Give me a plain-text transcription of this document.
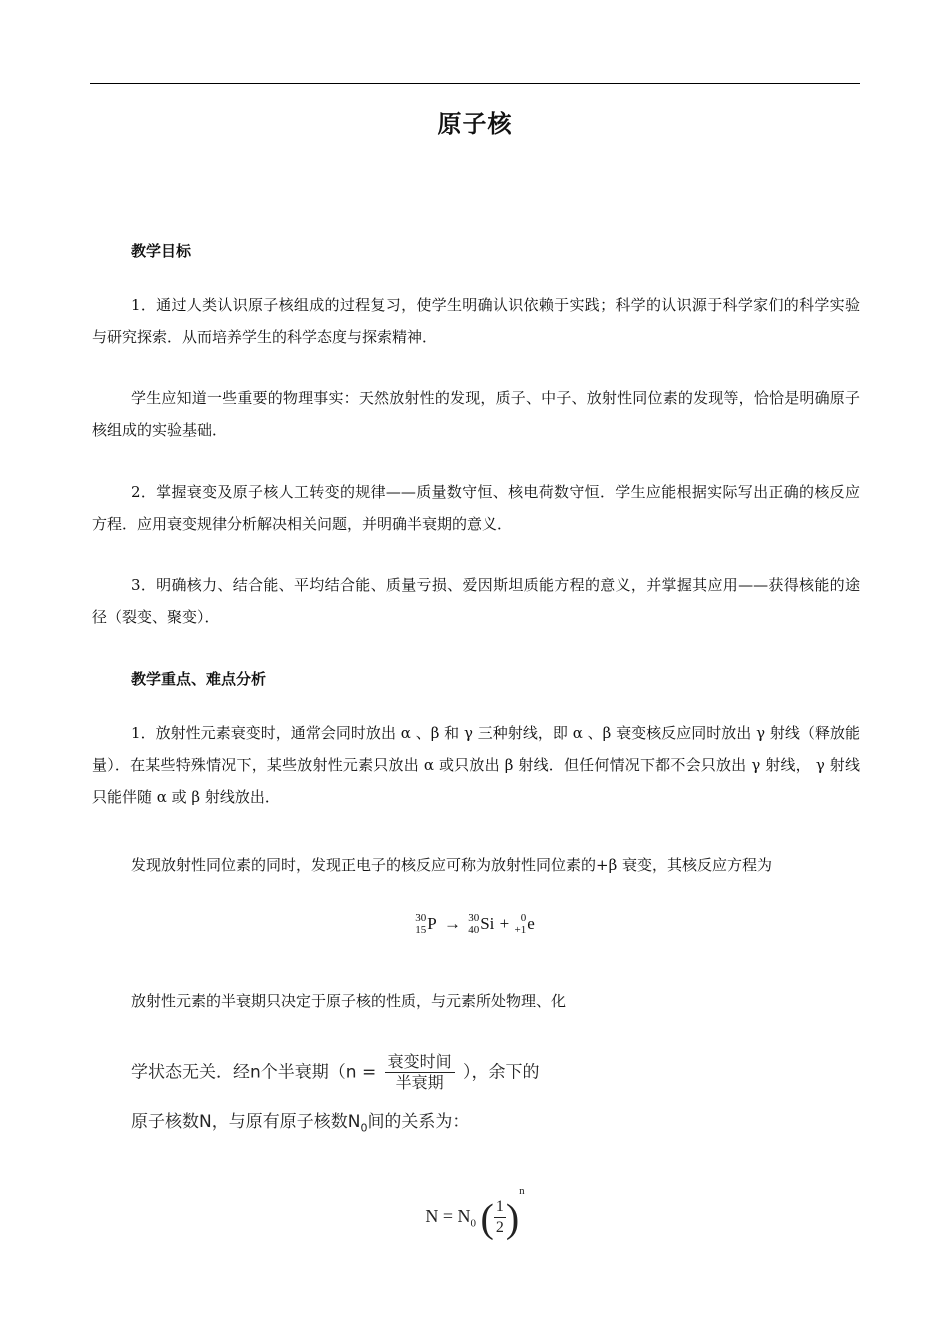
原子核
教学目标
1．通过人类认识原子核组成的过程复习，使学生明确认识依赖于实践；科学的认识源于科学家们的科学实验与研究探索．从而培养学生的科学态度与探索精神．
学生应知道一些重要的物理事实：天然放射性的发现，质子、中子、放射性同位素的发现等，恰恰是明确原子核组成的实验基础．
2．掌握衰变及原子核人工转变的规律——质量数守恒、核电荷数守恒．学生应能根据实际写出正确的核反应方程．应用衰变规律分析解决相关问题，并明确半衰期的意义．
3．明确核力、结合能、平均结合能、质量亏损、爱因斯坦质能方程的意义，并掌握其应用——获得核能的途径（裂变、聚变）．
教学重点、难点分析
1．放射性元素衰变时，通常会同时放出 α 、β 和 γ 三种射线，即 α 、β 衰变核反应同时放出 γ 射线（释放能量）．在某些特殊情况下，某些放射性元素只放出 α 或只放出 β 射线．但任何情况下都不会只放出 γ 射线， γ 射线只能伴随 α 或 β 射线放出．
发现放射性同位素的同时，发现正电子的核反应可称为放射性同位素的+β 衰变，其核反应方程为
30
15 P → 30
40 Si + 0
+1 e
放射性元素的半衰期只决定于原子核的性质，与元素所处物理、化
学状态无关．经n个半衰期（$n = \frac{\text{衰变时间}}{\text{半衰期}}$ ），余下的
原子核数N，与原有原子核数$N_0$间的关系为：
$N = N_0$ ( $\frac{1}{2} )^n$
